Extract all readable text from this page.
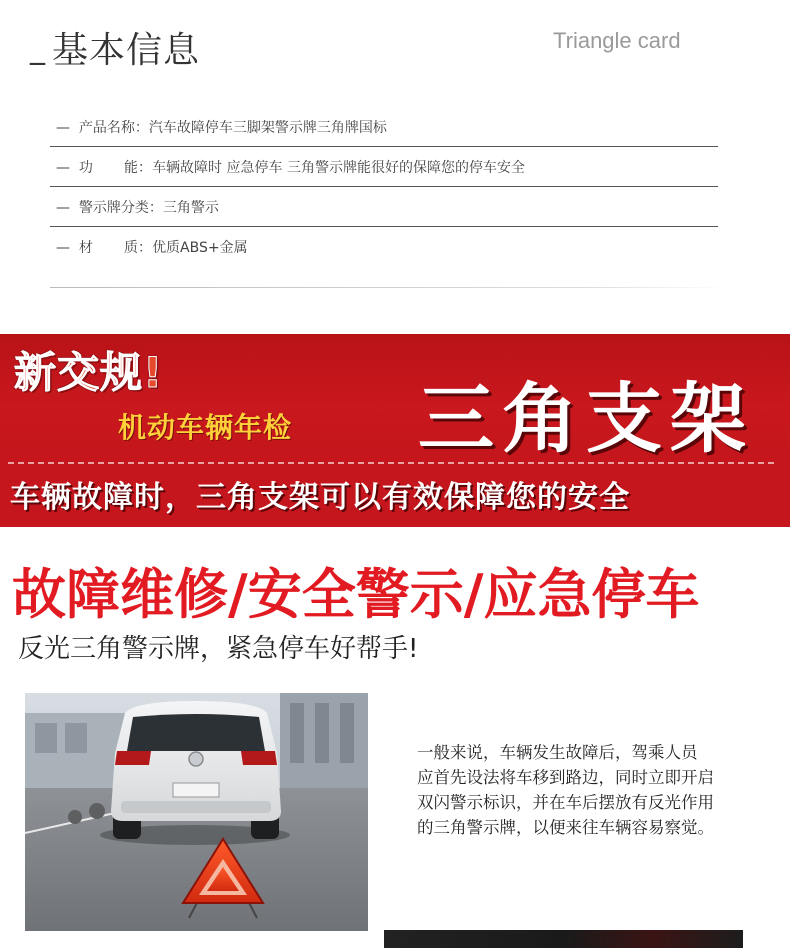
_ 基本信息	Triangle card
—  产品名称： 汽车故障停车三脚架警示牌三角牌国标
—  功       能： 车辆故障时 应急停车 三角警示牌能很好的保障您的停车安全
—  警示牌分类： 三角警示
—  材       质： 优质ABS+金属
新交规!
机动车辆年检 三角支架
车辆故障时，三角支架可以有效保障您的安全
故障维修/安全警示/应急停车
反光三角警示牌，紧急停车好帮手!
一般来说，车辆发生故障后，驾乘人员
应首先设法将车移到路边，同时立即开启
双闪警示标识，并在车后摆放有反光作用
的三角警示牌，以便来往车辆容易察觉。
